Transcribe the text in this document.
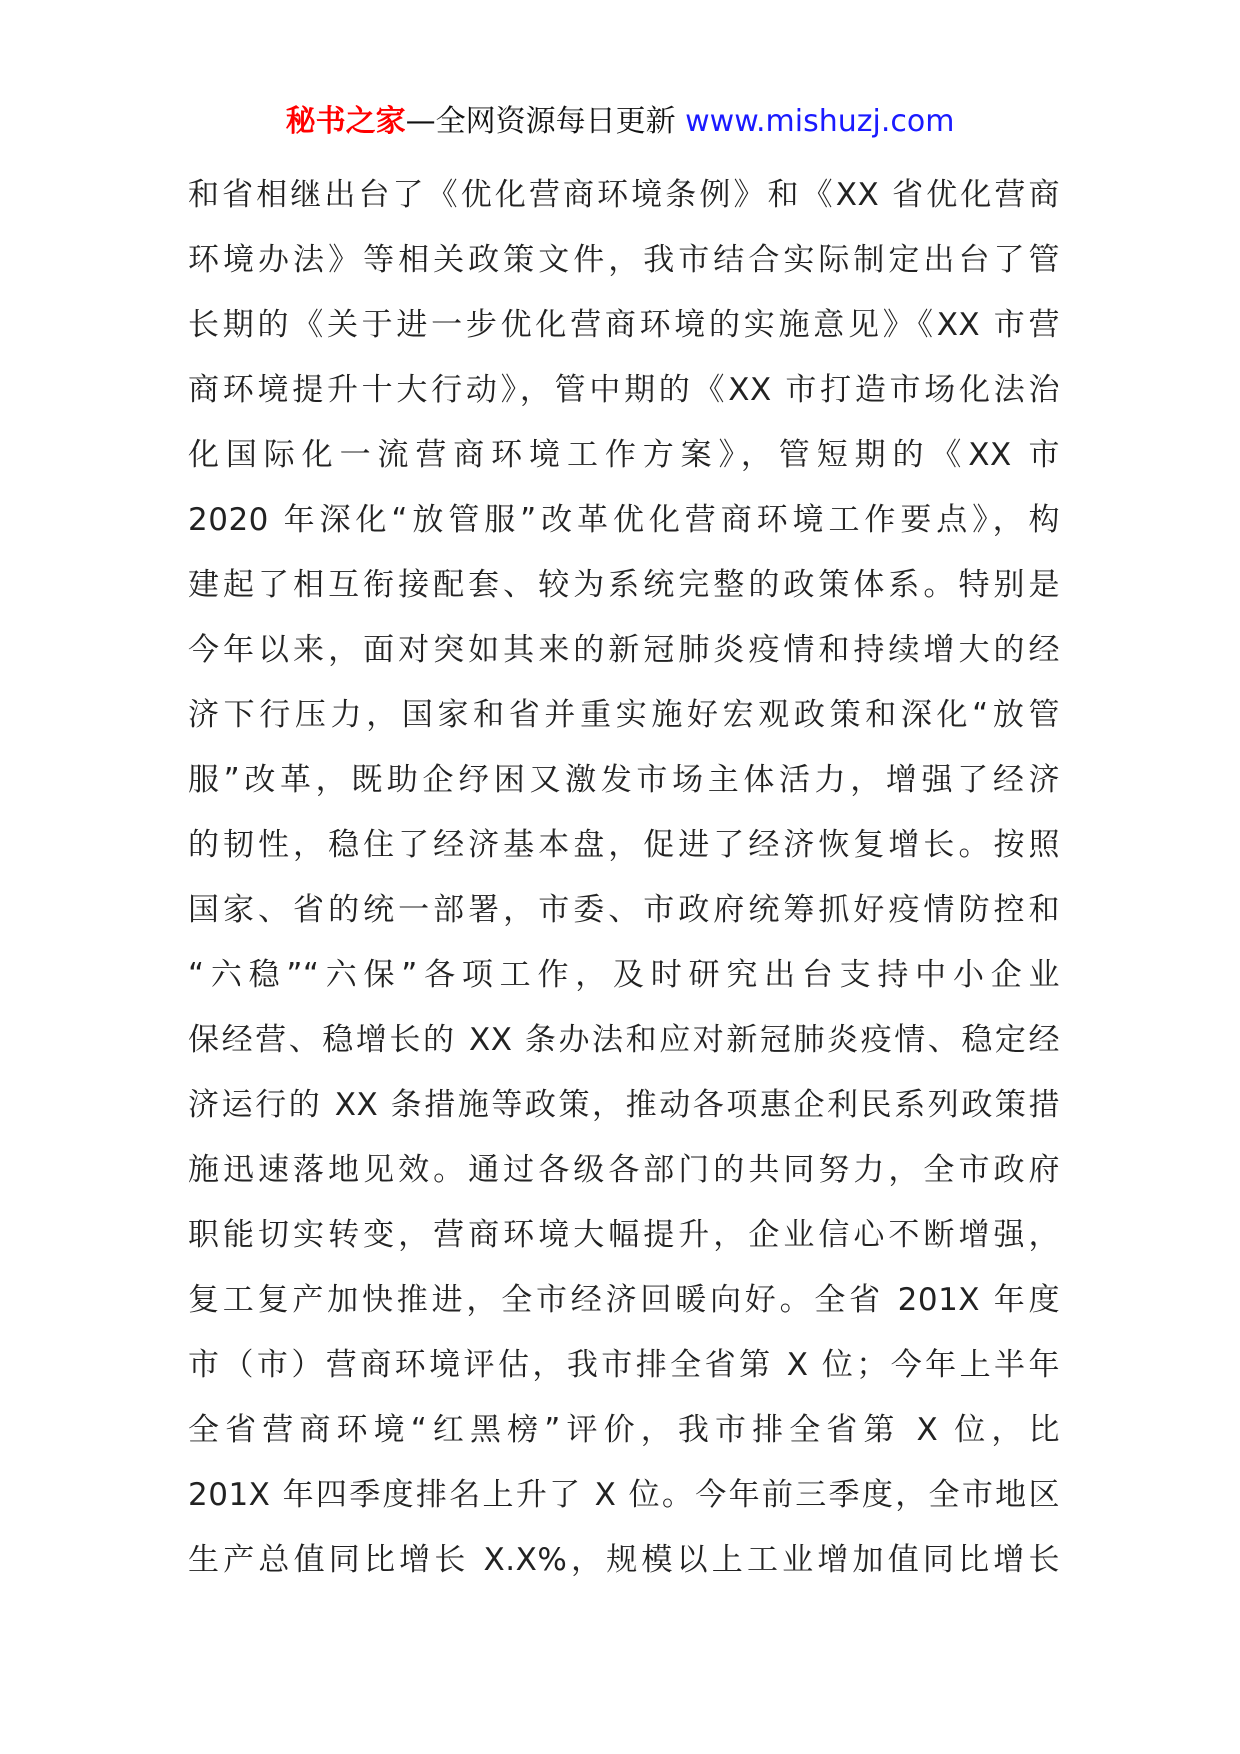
秘书之家—全网资源每日更新 www.mishuzj.com
和省相继出台了《优化营商环境条例》和《XX 省优化营商
环境办法》等相关政策文件，我市结合实际制定出台了管
长期的《关于进一步优化营商环境的实施意见》《XX 市营
商环境提升十大行动》，管中期的《XX 市打造市场化法治
化国际化一流营商环境工作方案》，管短期的《XX 市
2020 年深化“放管服”改革优化营商环境工作要点》，构
建起了相互衔接配套、较为系统完整的政策体系。特别是
今年以来，面对突如其来的新冠肺炎疫情和持续增大的经
济下行压力，国家和省并重实施好宏观政策和深化“放管
服”改革，既助企纾困又激发市场主体活力，增强了经济
的韧性，稳住了经济基本盘，促进了经济恢复增长。按照
国家、省的统一部署，市委、市政府统筹抓好疫情防控和
“六稳”“六保”各项工作，及时研究出台支持中小企业
保经营、稳增长的 XX 条办法和应对新冠肺炎疫情、稳定经
济运行的 XX 条措施等政策，推动各项惠企利民系列政策措
施迅速落地见效。通过各级各部门的共同努力，全市政府
职能切实转变，营商环境大幅提升，企业信心不断增强，
复工复产加快推进，全市经济回暖向好。全省 201X 年度
市（市）营商环境评估，我市排全省第 X 位；今年上半年
全省营商环境“红黑榜”评价，我市排全省第 X 位，比
201X 年四季度排名上升了 X 位。今年前三季度，全市地区
生产总值同比增长 X.X%，规模以上工业增加值同比增长
